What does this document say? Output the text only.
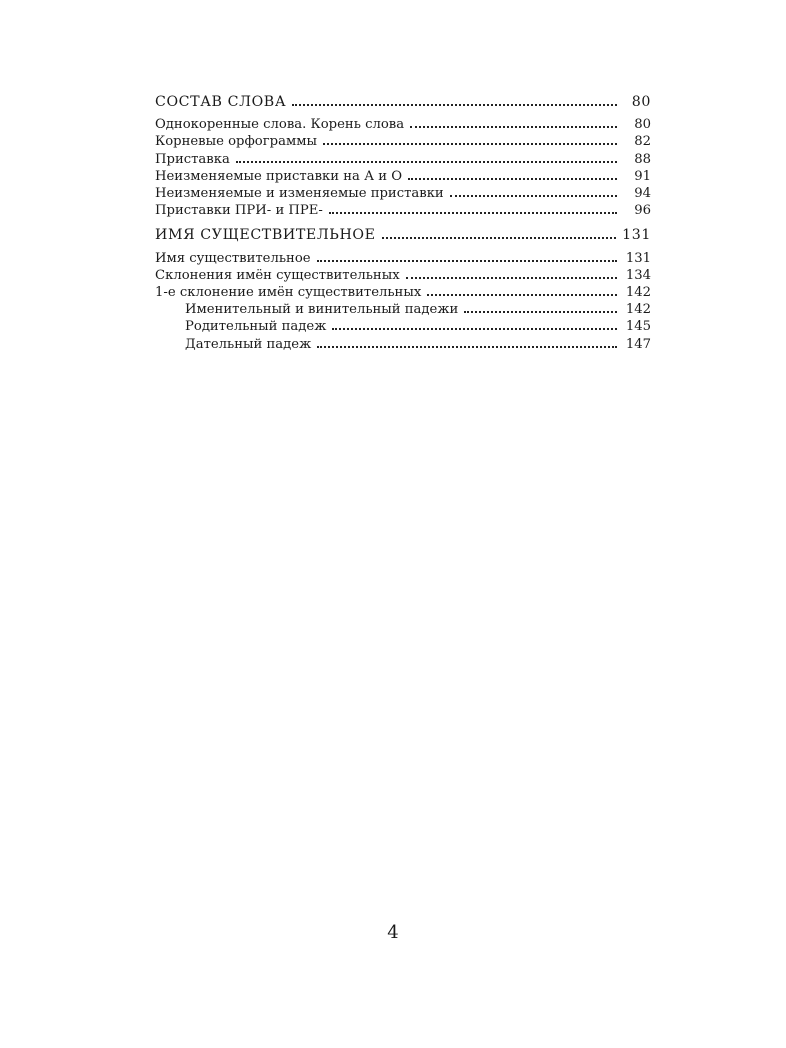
СОСТАВ СЛОВА	80
Однокоренные слова. Корень слова	80
Корневые орфограммы	82
Приставка	88
Неизменяемые приставки на А и О	91
Неизменяемые и изменяемые приставки	94
Приставки ПРИ- и ПРЕ-	96
ИМЯ СУЩЕСТВИТЕЛЬНОЕ	131
Имя существительное	131
Склонения имён существительных	134
1-е склонение имён существительных	142
Именительный и винительный падежи	142
Родительный падеж	145
Дательный падеж	147
4
